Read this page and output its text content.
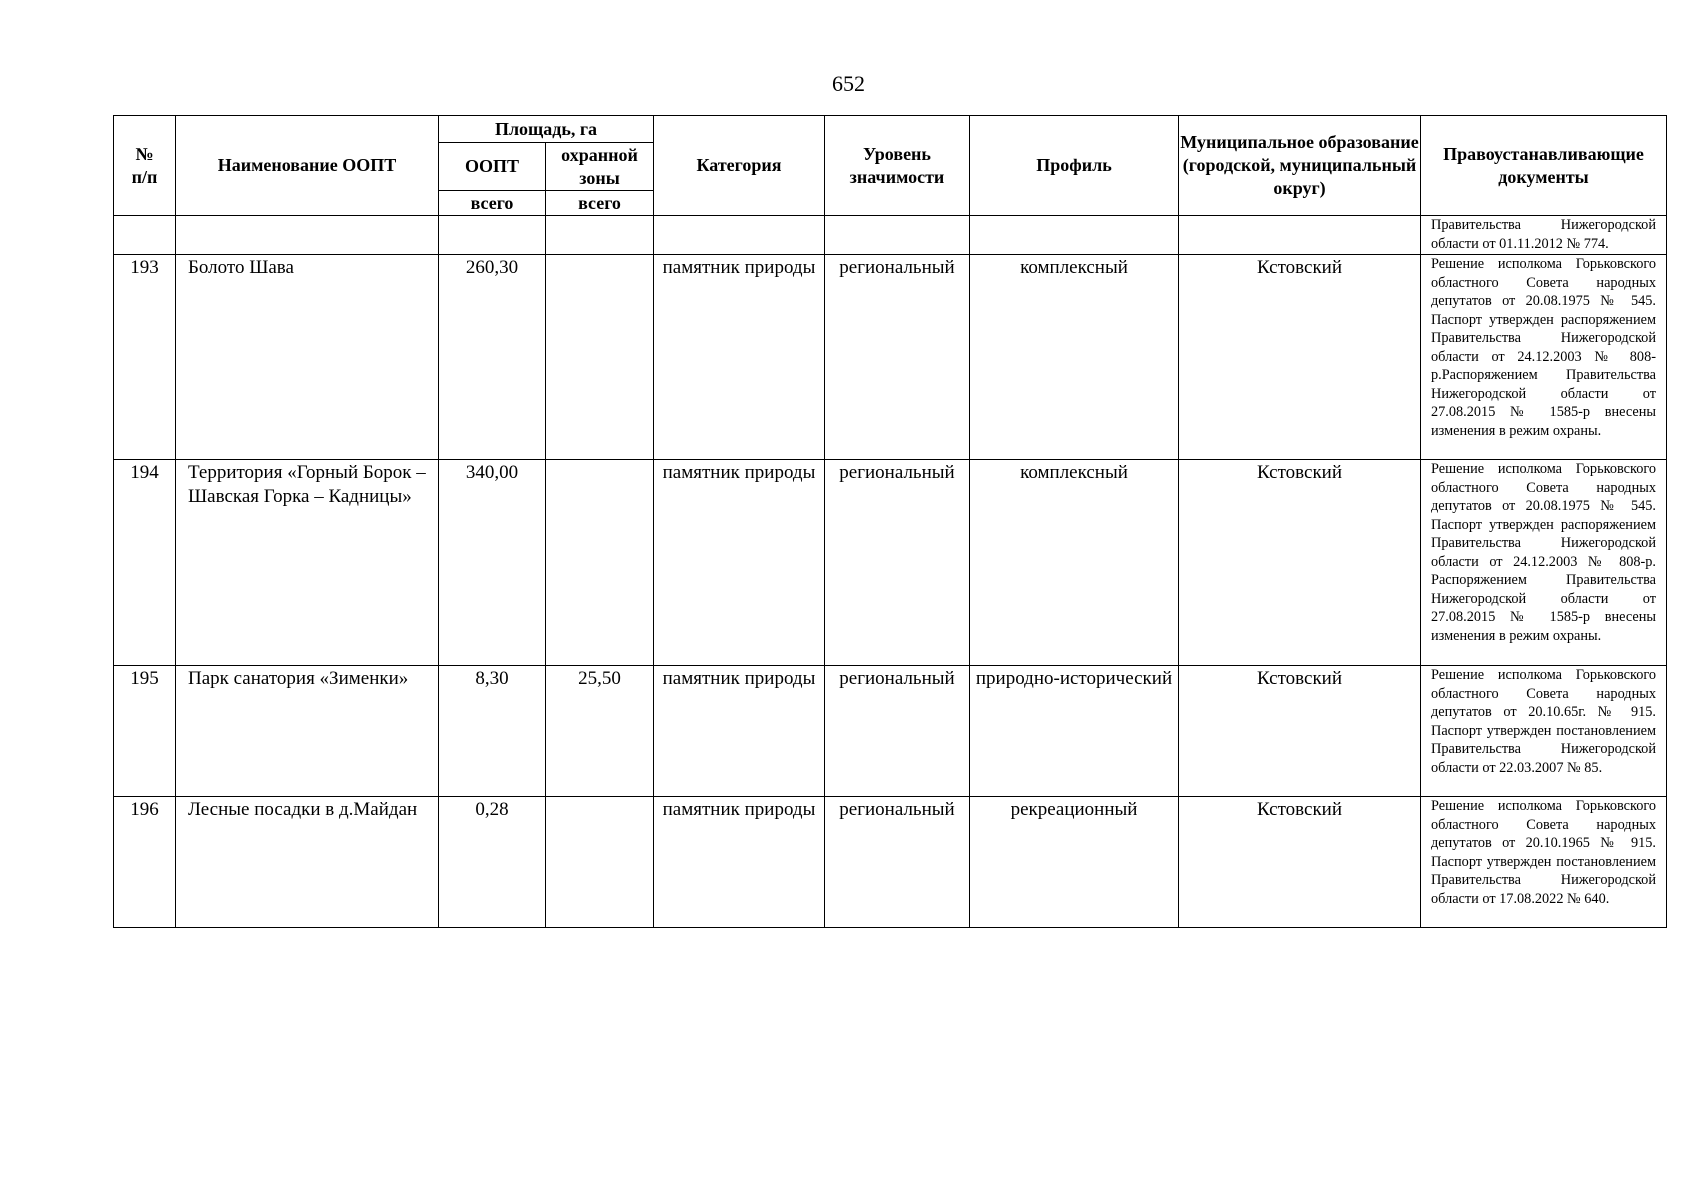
652
№
п/п	Наименование ООПТ	Площадь, га		Категория	Уровень значимости	Профиль	Муниципальное образование (городской, муниципальный округ)	Правоустанавливающие документы
		ООПТ	охранной зоны					
		всего	всего					
								Правительства Нижегородской области от 01.11.2012 № 774.
193	Болото Шава	260,30		памятник природы	региональный	комплексный	Кстовский	Решение исполкома Горьковского областного Совета народных депутатов от 20.08.1975 № 545. Паспорт утвержден распоряжением Правительства Нижегородской области от 24.12.2003 № 808-р.Распоряжением Правительства Нижегородской области от 27.08.2015 № 1585-р внесены изменения в режим охраны.
194	Территория «Горный Борок – Шавская Горка – Кадницы»	340,00		памятник природы	региональный	комплексный	Кстовский	Решение исполкома Горьковского областного Совета народных депутатов от 20.08.1975 № 545. Паспорт утвержден распоряжением Правительства Нижегородской области от 24.12.2003 № 808-р. Распоряжением Правительства Нижегородской области от 27.08.2015 № 1585-р внесены изменения в режим охраны.
195	Парк санатория «Зименки»	8,30	25,50	памятник природы	региональный	природно-исторический	Кстовский	Решение исполкома Горьковского областного Совета народных депутатов от 20.10.65г. № 915. Паспорт утвержден постановлением Правительства Нижегородской области от 22.03.2007 № 85.
196	Лесные посадки в д.Майдан	0,28		памятник природы	региональный	рекреационный	Кстовский	Решение исполкома Горьковского областного Совета народных депутатов от 20.10.1965 № 915. Паспорт утвержден постановлением Правительства Нижегородской области от 17.08.2022 № 640.
